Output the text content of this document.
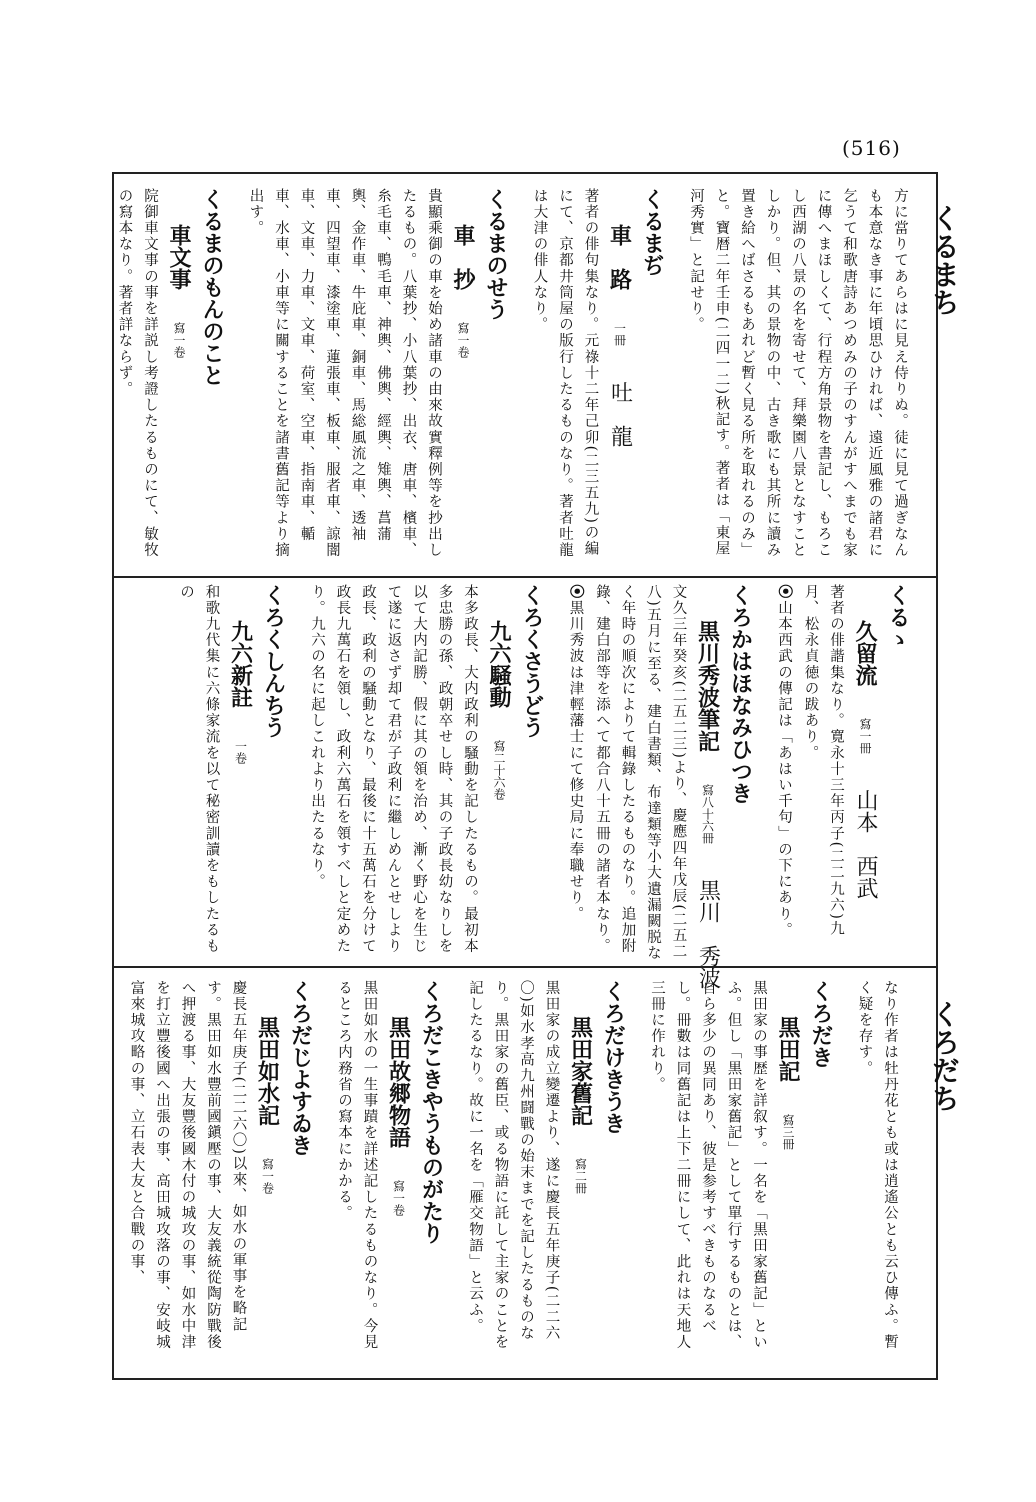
(516)
くるまち
くろだち
方に當りてあらはに見え侍りぬ。徒に見て過ぎなんも本意なき事に年頃思ひければ、遠近風雅の諸君に乞うて和歌唐詩あつめみの子のすんがすへまでも家に傳へまほしくて、行程方角景物を書記し、もろこし西湖の八景の名を寄せて、拜樂園八景となすことしかり。但、其の景物の中、古き歌にも其所に讀み置き給へばさるもあれど暫く見る所を取れるのみ」と。寶暦二年壬申(二四一二)秋記す。著者は「東屋河秀實」と記せり。
くるまぢ
車　路 一冊 吐　龍
著者の俳句集なり。元祿十二年己卯(二三五九)の編にて、京都井筒屋の版行したるものなり。著者吐龍は大津の俳人なり。
くるまのせう
車　抄 寫一卷
貴顯乘御の車を始め諸車の由來故實釋例等を抄出したるもの。八葉抄、小八葉抄、出衣、唐車、檳車、糸毛車、鴨毛車、神輿、佛輿、經輿、雉輿、菖蒲輿、金作車、牛庇車、銅車、馬総風流之車、透袖車、四望車、漆塗車、蓮張車、板車、服者車、諒闇車、文車、力車、文車、荷室、空車、指南車、輴車、水車、小車等に關することを諸書舊記等より摘出す。
くるまのもんのこと
車文事 寫一卷
院御車文事の事を詳説し考證したるものにて、敏牧の寫本なり。著者詳ならず。
くるゝ
久留流 寫一冊 山本　西武
著者の俳諧集なり。寛永十三年丙子(二二九六)九月、松永貞徳の跋あり。
⦿山本西武の傳記は「あはい千句」の下にあり。
くろかはほなみひつき
黒川秀波筆記 寫八十六冊 黒川　秀波
文久三年癸亥(二五二三)より、慶應四年戊辰(二五二八)五月に至る、建白書類、布達類等小大遺漏闕脱なく年時の順次によりて輯錄したるものなり。追加附錄、建白部等を添へて都合八十五冊の諸者本なり。
⦿黒川秀波は津輕藩士にて修史局に奉職せり。
くろくさうどう
九六騒動 寫二十六卷
本多政長、大内政利の騒動を記したるもの。最初本多忠勝の孫、政朝卒せし時、其の子政長幼なりしを以て大内記勝、假に其の領を治め、漸く野心を生じて遂に返さず却て君が子政利に繼しめんとせしより政長、政利の騒動となり、最後に十五萬石を分けて政長九萬石を領し、政利六萬石を領すべしと定めたり。九六の名に起しこれより出たるなり。
くろくしんちう
九六新註 一卷
和歌九代集に六條家流を以て秘密訓讀をもしたるもの
なり作者は牡丹花とも或は逍遙公とも云ひ傳ふ。暫く疑を存す。
くろだき
黒田記 寫三冊
黒田家の事歴を詳叙す。一名を「黒田家舊記」といふ。但し「黒田家舊記」として單行するものとは、自ら多少の異同あり、彼是参考すべきものなるべし。冊數は同舊記は上下二冊にして、此れは天地人三冊に作れり。
くろだけきうき
黒田家舊記 寫二冊
黒田家の成立變遷より、遂に慶長五年庚子(二二六〇)如水孝高九州闘戰の始末までを記したるものなり。黒田家の舊臣、或る物語に託して主家のことを記したるなり。故に一名を「雁交物語」と云ふ。
くろだこきやうものがたり
黒田故郷物語 寫一卷
黒田如水の一生事蹟を詳述記したるものなり。今見るところ内務省の寫本にかかる。
くろだじよすゐき
黒田如水記 寫一卷
慶長五年庚子(二二六〇)以來、如水の軍事を略記す。黒田如水豐前國鎭壓の事、大友義統從陶防戰後へ押渡る事、大友豐後國木付の城攻の事、如水中津を打立豐後國へ出張の事、高田城攻落の事、安岐城富來城攻略の事、立石表大友と合戰の事、
